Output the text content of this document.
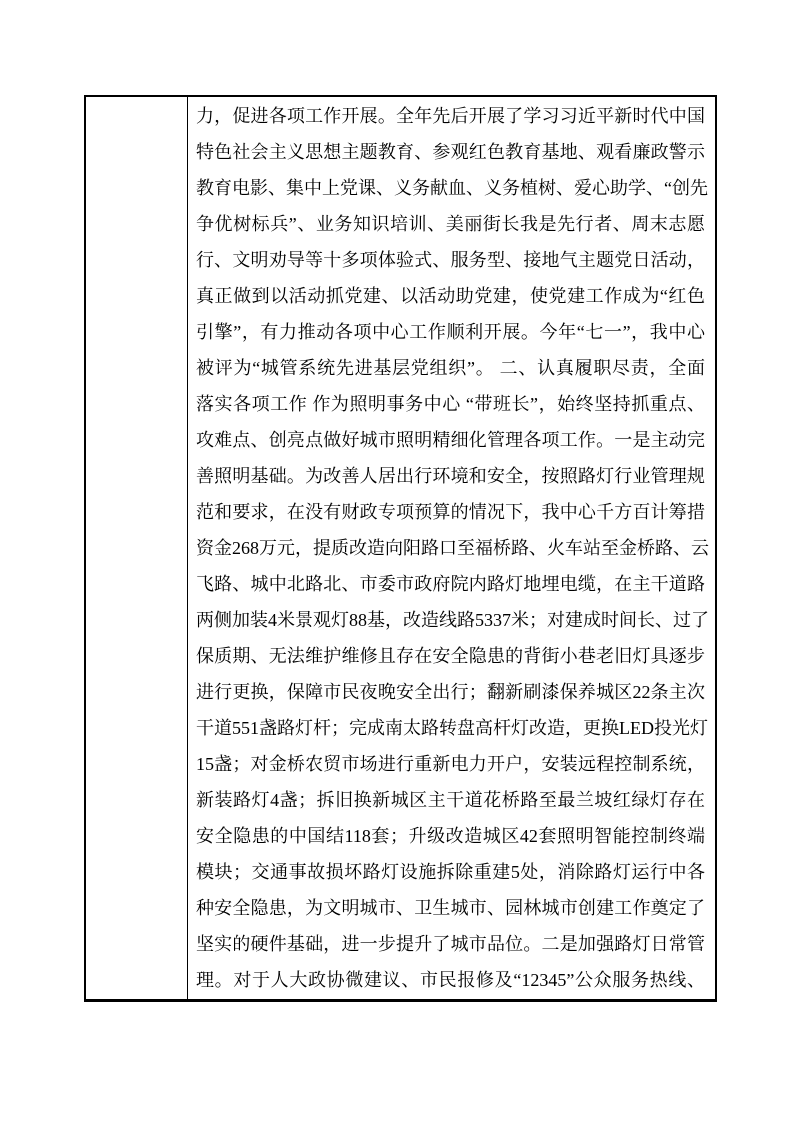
力，促进各项工作开展。全年先后开展了学习习近平新时代中国
特色社会主义思想主题教育、参观红色教育基地、观看廉政警示
教育电影、集中上党课、义务献血、义务植树、爱心助学、“创先
争优树标兵”、业务知识培训、美丽街长我是先行者、周末志愿
行、文明劝导等十多项体验式、服务型、接地气主题党日活动，
真正做到以活动抓党建、以活动助党建，使党建工作成为“红色
引擎”，有力推动各项中心工作顺利开展。今年“七一”，我中心
被评为“城管系统先进基层党组织”。 二、认真履职尽责，全面
落实各项工作 作为照明事务中心 “带班长”，始终坚持抓重点、
攻难点、创亮点做好城市照明精细化管理各项工作。一是主动完
善照明基础。为改善人居出行环境和安全，按照路灯行业管理规
范和要求，在没有财政专项预算的情况下，我中心千方百计筹措
资金268万元，提质改造向阳路口至福桥路、火车站至金桥路、云
飞路、城中北路北、市委市政府院内路灯地埋电缆，在主干道路
两侧加装4米景观灯88基，改造线路5337米；对建成时间长、过了
保质期、无法维护维修且存在安全隐患的背街小巷老旧灯具逐步
进行更换，保障市民夜晚安全出行；翻新刷漆保养城区22条主次
干道551盏路灯杆；完成南太路转盘高杆灯改造，更换LED投光灯
15盏；对金桥农贸市场进行重新电力开户，安装远程控制系统，
新装路灯4盏；拆旧换新城区主干道花桥路至最兰坡红绿灯存在
安全隐患的中国结118套；升级改造城区42套照明智能控制终端
模块；交通事故损坏路灯设施拆除重建5处，消除路灯运行中各
种安全隐患，为文明城市、卫生城市、园林城市创建工作奠定了
坚实的硬件基础，进一步提升了城市品位。二是加强路灯日常管
理。对于人大政协微建议、市民报修及“12345”公众服务热线、
